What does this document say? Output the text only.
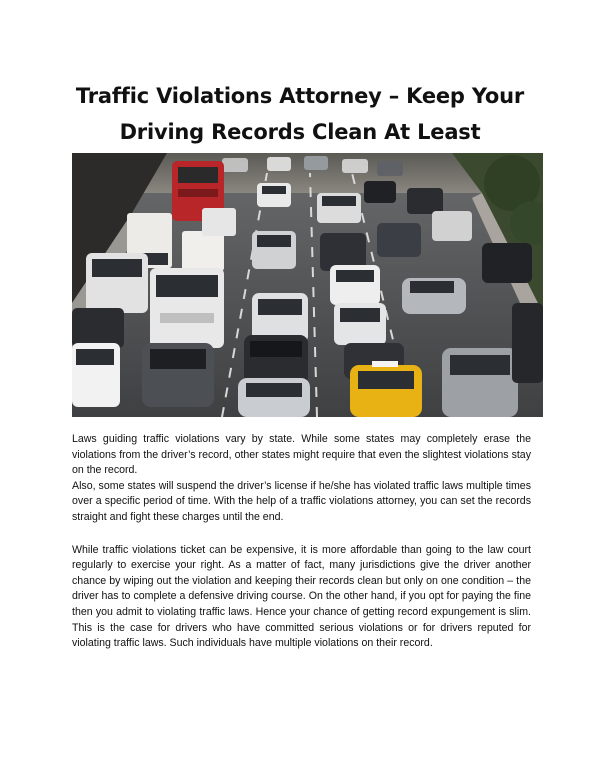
Traffic Violations Attorney – Keep Your
Driving Records Clean At Least

Laws guiding traffic violations vary by state. While some states may completely erase the violations from the driver’s record, other states might require that even the slightest violations stay on the record.

Also, some states will suspend the driver’s license if he/she has violated traffic laws multiple times over a specific period of time. With the help of a traffic violations attorney, you can set the records straight and fight these charges until the end.

While traffic violations ticket can be expensive, it is more affordable than going to the law court regularly to exercise your right. As a matter of fact, many jurisdictions give the driver another chance by wiping out the violation and keeping their records clean but only on one condition – the driver has to complete a defensive driving course. On the other hand, if you opt for paying the fine then you admit to violating traffic laws. Hence your chance of getting record expungement is slim. This is the case for drivers who have committed serious violations or for drivers reputed for violating traffic laws. Such individuals have multiple violations on their record.
